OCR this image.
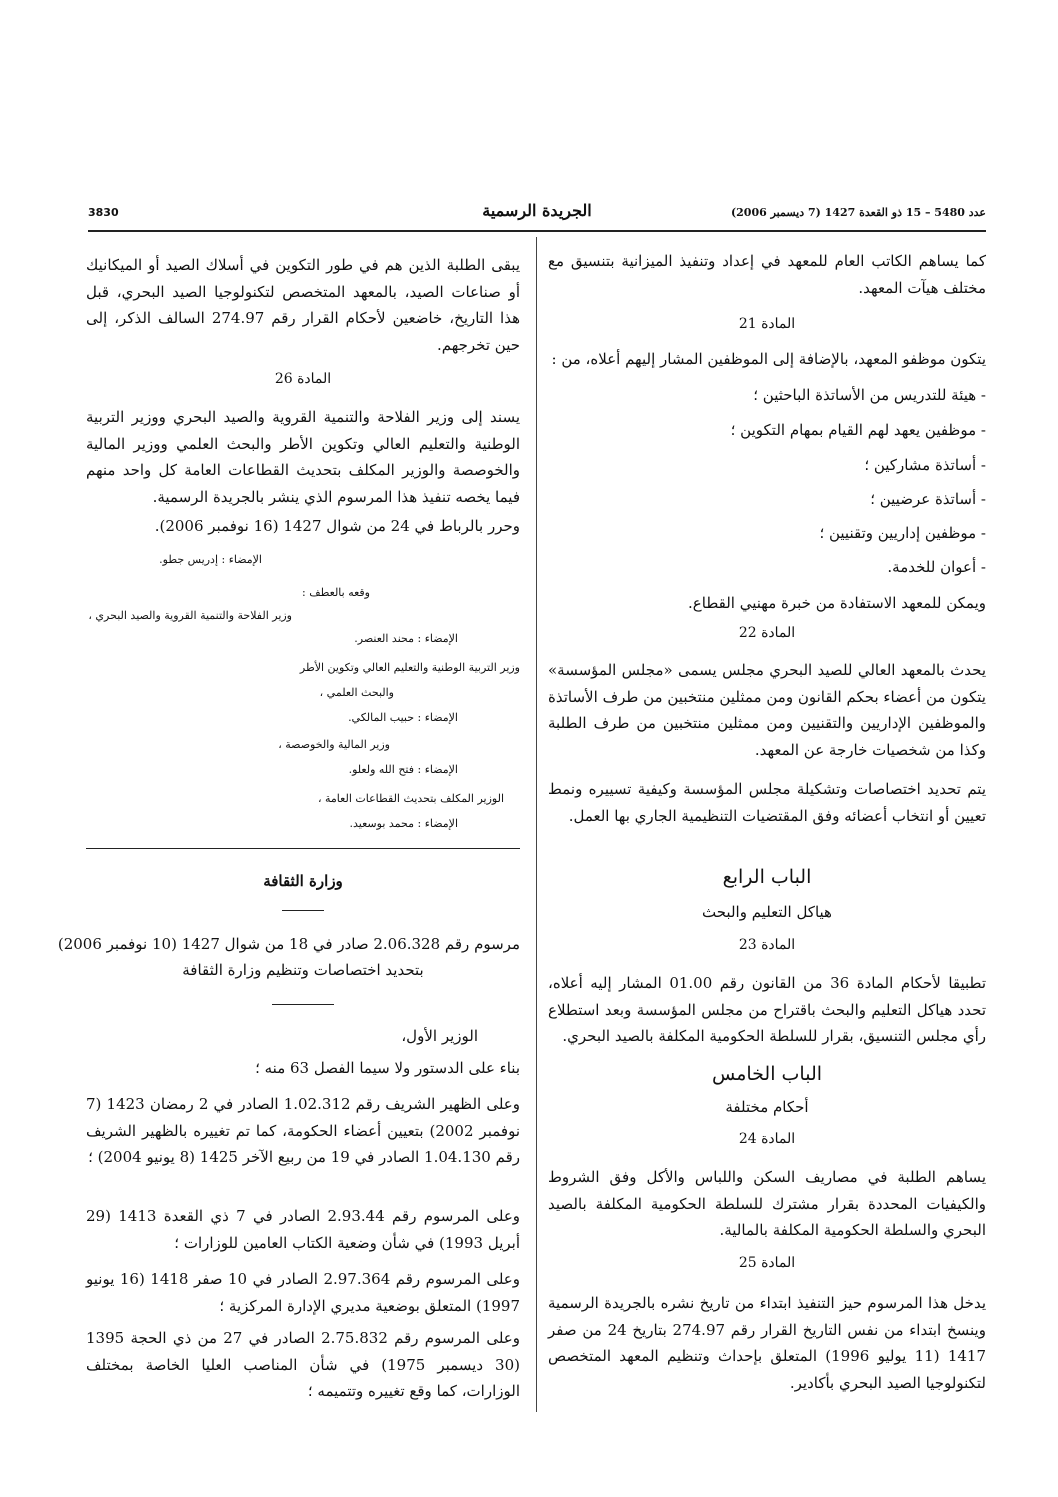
3830	الجريدة الرسمية	عدد 5480 – 15 ذو القعدة 1427 (7 ديسمبر 2006)
كما يساهم الكاتب العام للمعهد في إعداد وتنفيذ الميزانية بتنسيق مع مختلف هيآت المعهد.
المادة 21
يتكون موظفو المعهد، بالإضافة إلى الموظفين المشار إليهم أعلاه، من :
- هيئة للتدريس من الأساتذة الباحثين ؛
- موظفين يعهد لهم القيام بمهام التكوين ؛
- أساتذة مشاركين ؛
- أساتذة عرضيين ؛
- موظفين إداريين وتقنيين ؛
- أعوان للخدمة.
ويمكن للمعهد الاستفادة من خبرة مهنيي القطاع.
المادة 22
يحدث بالمعهد العالي للصيد البحري مجلس يسمى «مجلس المؤسسة» يتكون من أعضاء بحكم القانون ومن ممثلين منتخبين من طرف الأساتذة والموظفين الإداريين والتقنيين ومن ممثلين منتخبين من طرف الطلبة وكذا من شخصيات خارجة عن المعهد.
يتم تحديد اختصاصات وتشكيلة مجلس المؤسسة وكيفية تسييره ونمط تعيين أو انتخاب أعضائه وفق المقتضيات التنظيمية الجاري بها العمل.
الباب الرابع
هياكل التعليم والبحث
المادة 23
تطبيقا لأحكام المادة 36 من القانون رقم 01.00 المشار إليه أعلاه، تحدد هياكل التعليم والبحث باقتراح من مجلس المؤسسة وبعد استطلاع رأي مجلس التنسيق، بقرار للسلطة الحكومية المكلفة بالصيد البحري.
الباب الخامس
أحكام مختلفة
المادة 24
يساهم الطلبة في مصاريف السكن واللباس والأكل وفق الشروط والكيفيات المحددة بقرار مشترك للسلطة الحكومية المكلفة بالصيد البحري والسلطة الحكومية المكلفة بالمالية.
المادة 25
يدخل هذا المرسوم حيز التنفيذ ابتداء من تاريخ نشره بالجريدة الرسمية وينسخ ابتداء من نفس التاريخ القرار رقم 274.97 بتاريخ 24 من صفر 1417 (11 يوليو 1996) المتعلق بإحداث وتنظيم المعهد المتخصص لتكنولوجيا الصيد البحري بأكادير.
يبقى الطلبة الذين هم في طور التكوين في أسلاك الصيد أو الميكانيك أو صناعات الصيد، بالمعهد المتخصص لتكنولوجيا الصيد البحري، قبل هذا التاريخ، خاضعين لأحكام القرار رقم 274.97 السالف الذكر، إلى حين تخرجهم.
المادة 26
يسند إلى وزير الفلاحة والتنمية القروية والصيد البحري ووزير التربية الوطنية والتعليم العالي وتكوين الأطر والبحث العلمي ووزير المالية والخوصصة والوزير المكلف بتحديث القطاعات العامة كل واحد منهم فيما يخصه تنفيذ هذا المرسوم الذي ينشر بالجريدة الرسمية.
وحرر بالرباط في 24 من شوال 1427 (16 نوفمبر 2006).
الإمضاء : إدريس جطو.
وقعه بالعطف :
وزير الفلاحة والتنمية القروية والصيد البحري ،
الإمضاء : محند العنصر.
وزير التربية الوطنية والتعليم العالي وتكوين الأطر
والبحث العلمي ،
الإمضاء : حبيب المالكي.
وزير المالية والخوصصة ،
الإمضاء : فتح الله ولعلو.
الوزير المكلف بتحديث القطاعات العامة ،
الإمضاء : محمد بوسعيد.
وزارة الثقافة
مرسوم رقم 2.06.328 صادر في 18 من شوال 1427 (10 نوفمبر 2006)
بتحديد اختصاصات وتنظيم وزارة الثقافة
الوزير الأول،
بناء على الدستور ولا سيما الفصل 63 منه ؛
وعلى الظهير الشريف رقم 1.02.312 الصادر في 2 رمضان 1423 (7 نوفمبر 2002) بتعيين أعضاء الحكومة، كما تم تغييره بالظهير الشريف رقم 1.04.130 الصادر في 19 من ربيع الآخر 1425 (8 يونيو 2004) ؛
وعلى المرسوم رقم 2.93.44 الصادر في 7 ذي القعدة 1413 (29 أبريل 1993) في شأن وضعية الكتاب العامين للوزارات ؛
وعلى المرسوم رقم 2.97.364 الصادر في 10 صفر 1418 (16 يونيو 1997) المتعلق بوضعية مديري الإدارة المركزية ؛
وعلى المرسوم رقم 2.75.832 الصادر في 27 من ذي الحجة 1395 (30 ديسمبر 1975) في شأن المناصب العليا الخاصة بمختلف الوزارات، كما وقع تغييره وتتميمه ؛
